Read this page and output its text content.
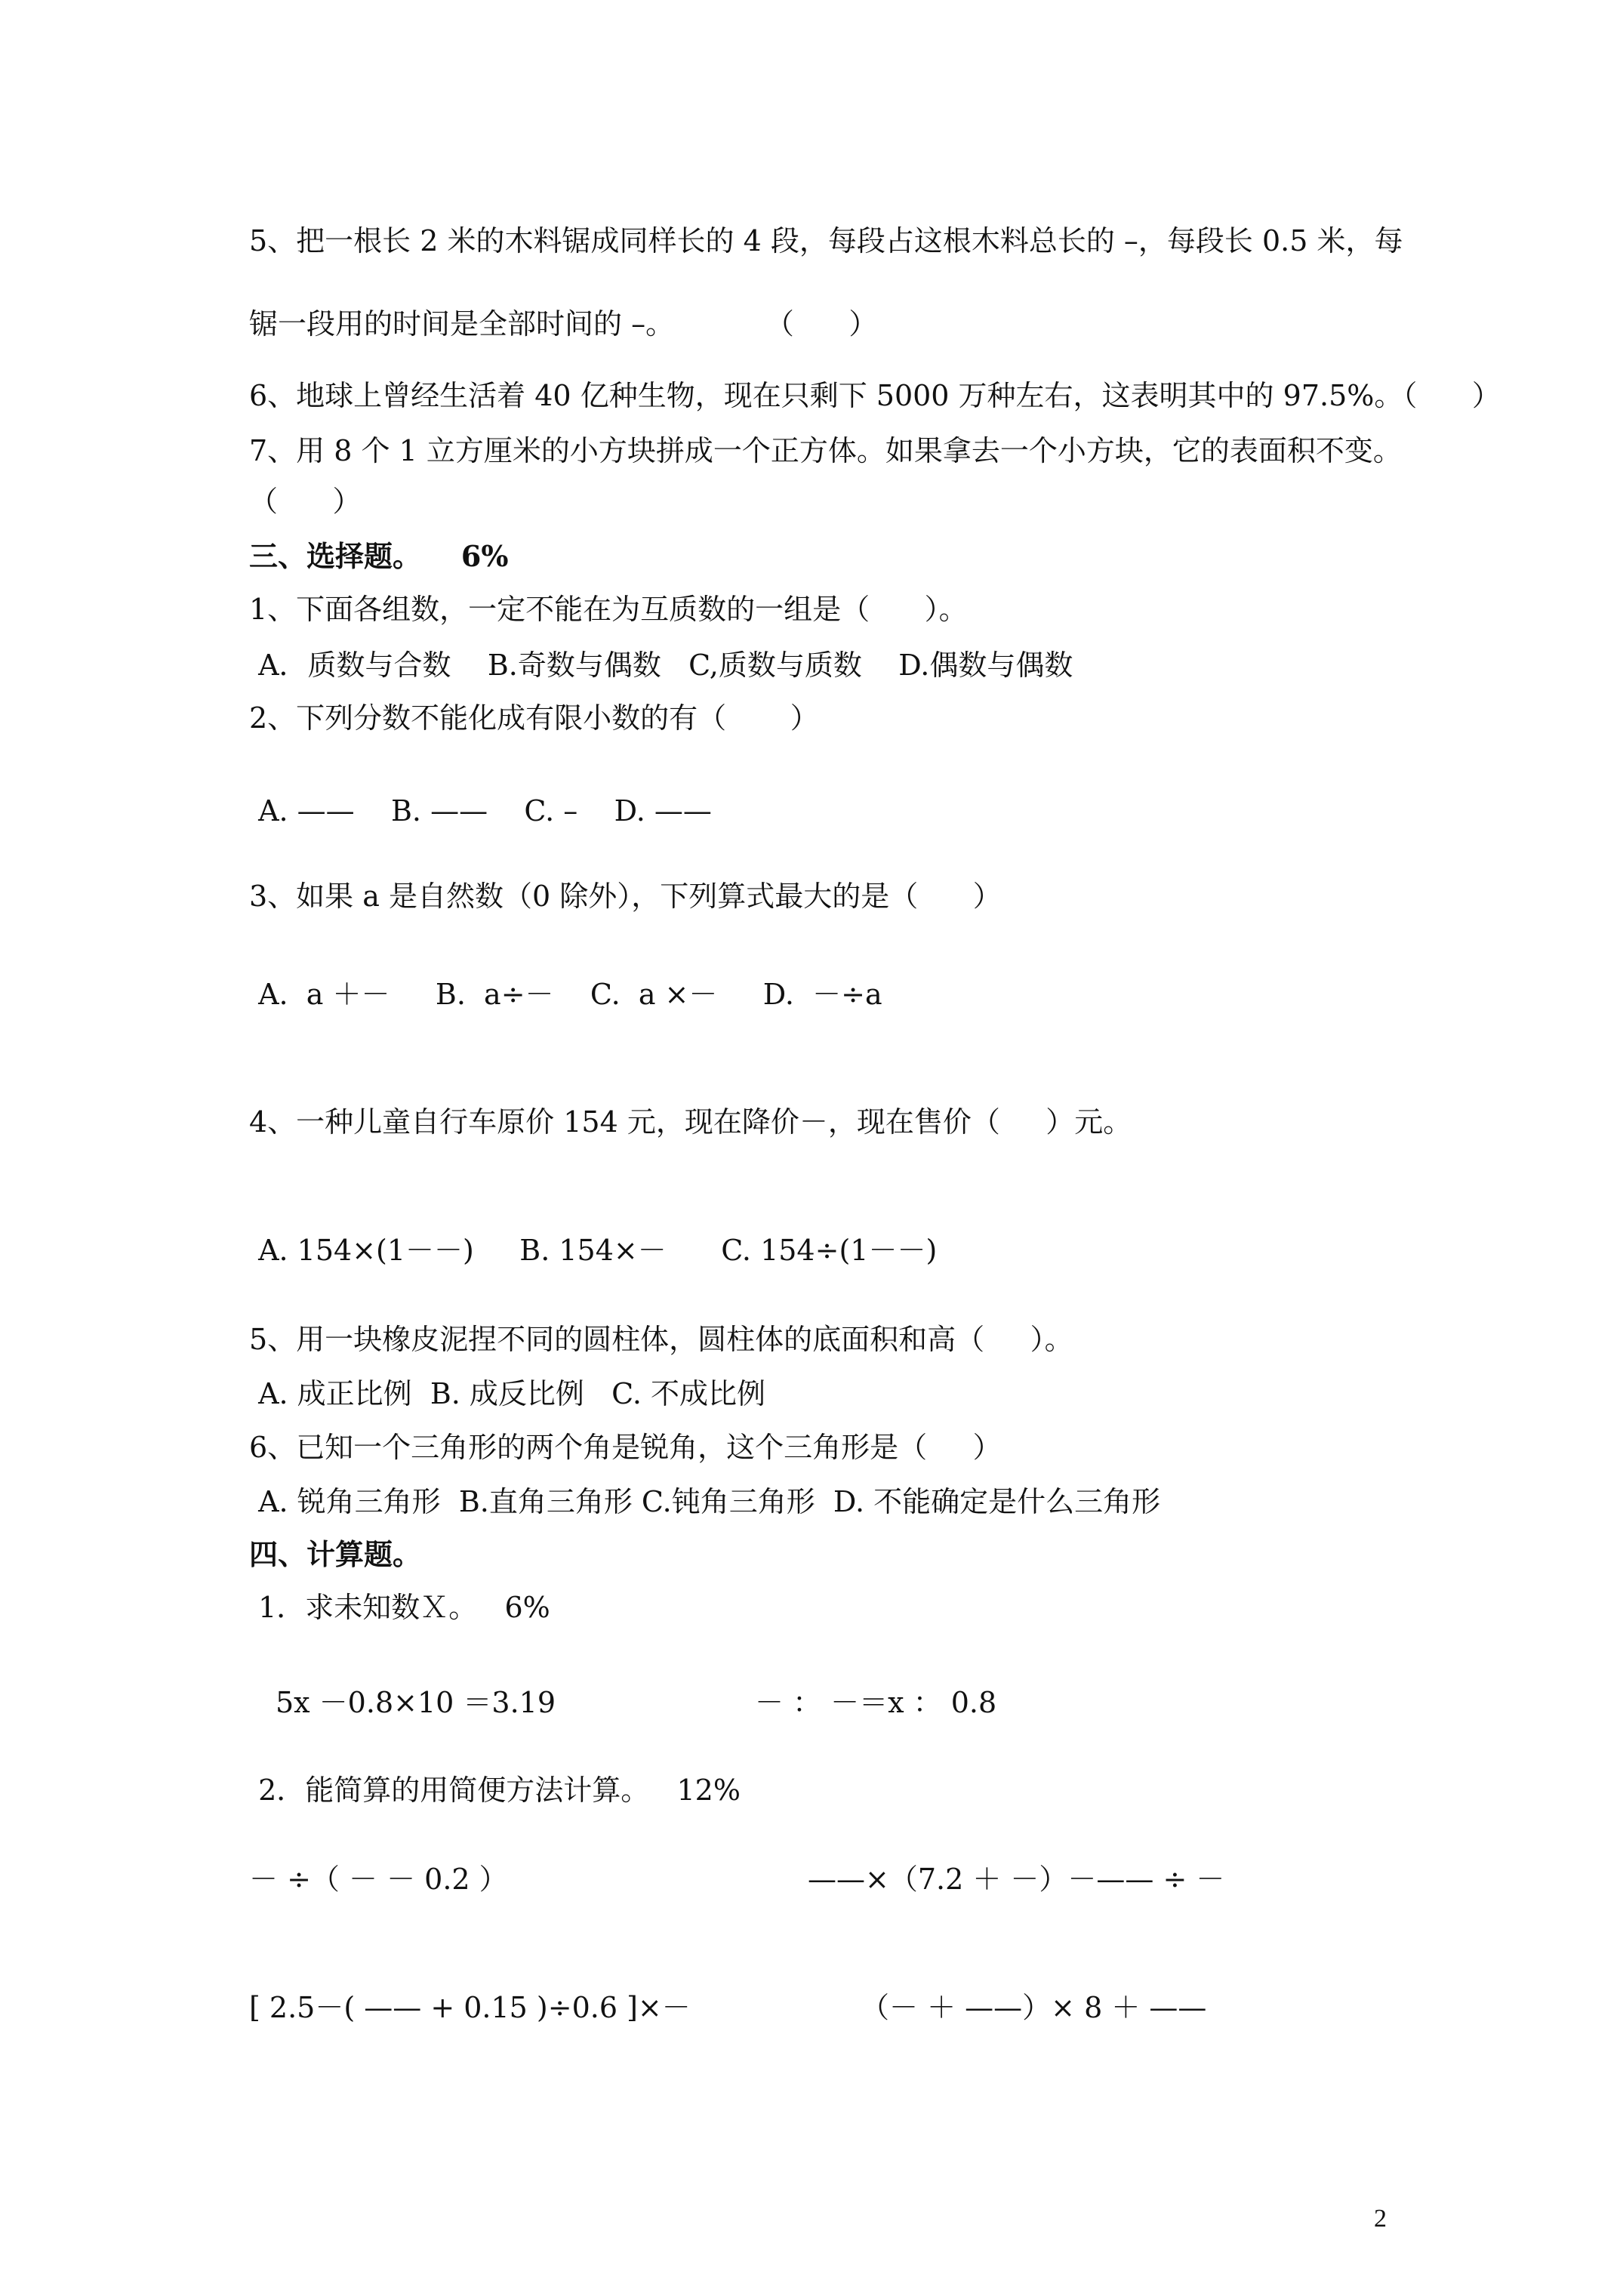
5、把一根长 2 米的木料锯成同样长的 4 段，每段占这根木料总长的 –，每段长 0.5 米，每
锯一段用的时间是全部时间的 –。          （      ）
6、地球上曾经生活着 40 亿种生物，现在只剩下 5000 万种左右，这表明其中的 97.5%。（      ）
7、用 8 个 1 立方厘米的小方块拼成一个正方体。如果拿去一个小方块，它的表面积不变。
（      ）
三、选择题。    6%
1、下面各组数，一定不能在为互质数的一组是（      ）。
A．质数与合数    B.奇数与偶数   C,质数与质数    D.偶数与偶数
2、下列分数不能化成有限小数的有（       ）
A. ——    B. ——    C. –    D. ——
3、如果 a 是自然数（0 除外），下列算式最大的是（      ）
A.  a ＋－     B.  a÷－    C.  a ×－     D.  －÷a
4、一种儿童自行车原价 154 元，现在降价－，现在售价（     ）元。
A. 154×(1－－)     B. 154×－      C. 154÷(1－－)
5、用一块橡皮泥捏不同的圆柱体，圆柱体的底面积和高（     ）。
A. 成正比例  B. 成反比例   C. 不成比例
6、已知一个三角形的两个角是锐角，这个三角形是（     ）
A. 锐角三角形  B.直角三角形 C.钝角三角形  D. 不能确定是什么三角形
四、计算题。
1．求未知数Ｘ。   6%
5x －0.8×10 ＝3.19	－ ： －＝x ： 0.8
2．能简算的用简便方法计算。   12%
－ ÷（ － － 0.2 ）	——×（7.2 ＋ －）－—— ÷ －
[ 2.5－( —— + 0.15 )÷0.6 ]×－	（－ ＋ ——）× 8 ＋ ——
2
